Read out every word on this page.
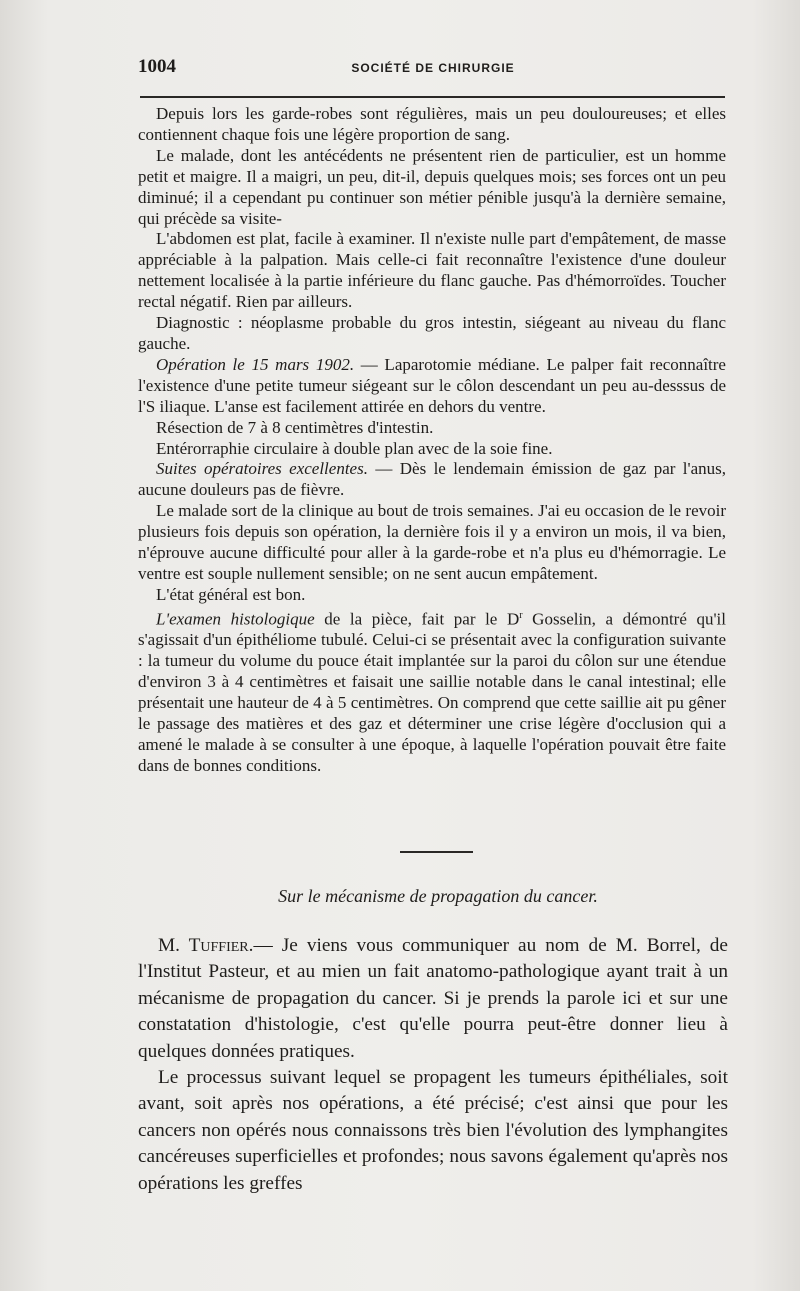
1004	SOCIÉTÉ DE CHIRURGIE

Depuis lors les garde-robes sont régulières, mais un peu douloureuses; et elles contiennent chaque fois une légère proportion de sang.

Le malade, dont les antécédents ne présentent rien de particulier, est un homme petit et maigre. Il a maigri, un peu, dit-il, depuis quelques mois; ses forces ont un peu diminué; il a cependant pu continuer son métier pénible jusqu'à la dernière semaine, qui précède sa visite-

L'abdomen est plat, facile à examiner. Il n'existe nulle part d'empâtement, de masse appréciable à la palpation. Mais celle-ci fait reconnaître l'existence d'une douleur nettement localisée à la partie inférieure du flanc gauche. Pas d'hémorroïdes. Toucher rectal négatif. Rien par ailleurs.

Diagnostic : néoplasme probable du gros intestin, siégeant au niveau du flanc gauche.

Opération le 15 mars 1902. — Laparotomie médiane. Le palper fait reconnaître l'existence d'une petite tumeur siégeant sur le côlon descendant un peu au-desssus de l'S iliaque. L'anse est facilement attirée en dehors du ventre.

Résection de 7 à 8 centimètres d'intestin.

Entérorraphie circulaire à double plan avec de la soie fine.

Suites opératoires excellentes. — Dès le lendemain émission de gaz par l'anus, aucune douleurs pas de fièvre.

Le malade sort de la clinique au bout de trois semaines. J'ai eu occasion de le revoir plusieurs fois depuis son opération, la dernière fois il y a environ un mois, il va bien, n'éprouve aucune difficulté pour aller à la garde-robe et n'a plus eu d'hémorragie. Le ventre est souple nullement sensible; on ne sent aucun empâtement.

L'état général est bon.

L'examen histologique de la pièce, fait par le $D^r$ Gosselin, a démontré qu'il s'agissait d'un épithéliome tubulé. Celui-ci se présentait avec la configuration suivante : la tumeur du volume du pouce était implantée sur la paroi du côlon sur une étendue d'environ 3 à 4 centimètres et faisait une saillie notable dans le canal intestinal; elle présentait une hauteur de 4 à 5 centimètres. On comprend que cette saillie ait pu gêner le passage des matières et des gaz et déterminer une crise légère d'occlusion qui a amené le malade à se consulter à une époque, à laquelle l'opération pouvait être faite dans de bonnes conditions.

Sur le mécanisme de propagation du cancer.

M. Tuffier.— Je viens vous communiquer au nom de M. Borrel, de l'Institut Pasteur, et au mien un fait anatomo-pathologique ayant trait à un mécanisme de propagation du cancer. Si je prends la parole ici et sur une constatation d'histologie, c'est qu'elle pourra peut-être donner lieu à quelques données pratiques.

Le processus suivant lequel se propagent les tumeurs épithéliales, soit avant, soit après nos opérations, a été précisé; c'est ainsi que pour les cancers non opérés nous connaissons très bien l'évolution des lymphangites cancéreuses superficielles et profondes; nous savons également qu'après nos opérations les greffes
